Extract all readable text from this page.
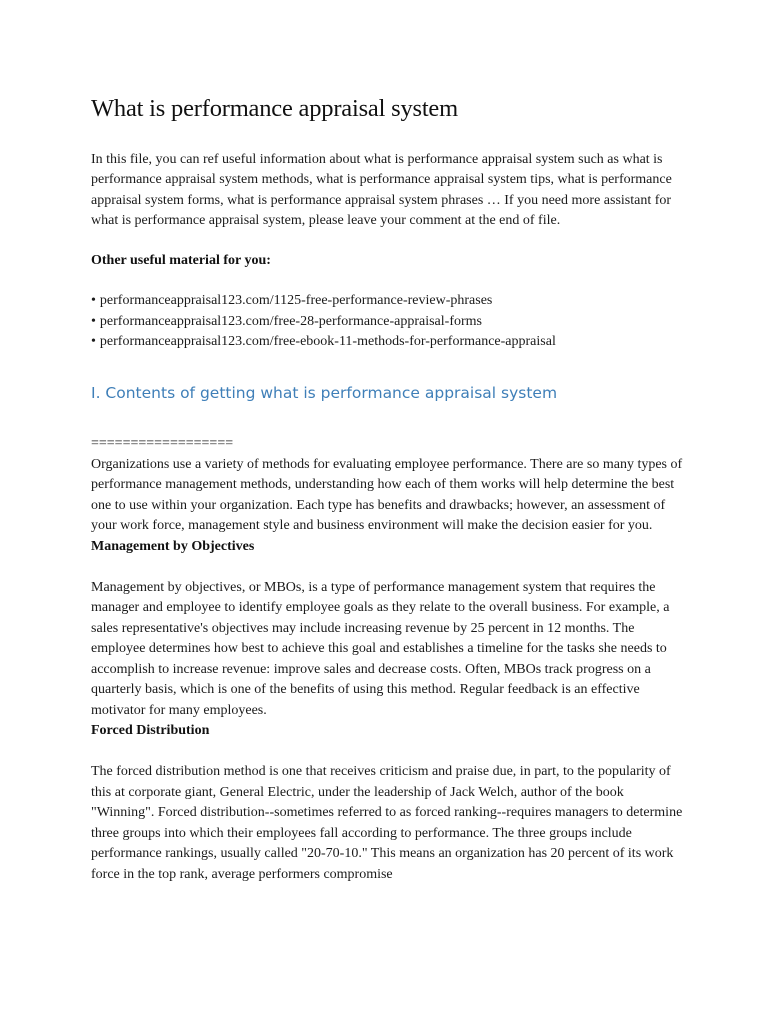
What is performance appraisal system

In this file, you can ref useful information about what is performance appraisal system such as what is performance appraisal system methods, what is performance appraisal system tips, what is performance appraisal system forms, what is performance appraisal system phrases … If you need more assistant for what is performance appraisal system, please leave your comment at the end of file.

Other useful material for you:

• performanceappraisal123.com/1125-free-performance-review-phrases
• performanceappraisal123.com/free-28-performance-appraisal-forms
• performanceappraisal123.com/free-ebook-11-methods-for-performance-appraisal
I. Contents of getting what is performance appraisal system

==================

Organizations use a variety of methods for evaluating employee performance. There are so many types of performance management methods, understanding how each of them works will help determine the best one to use within your organization. Each type has benefits and drawbacks; however, an assessment of your work force, management style and business environment will make the decision easier for you.

Management by Objectives

Management by objectives, or MBOs, is a type of performance management system that requires the manager and employee to identify employee goals as they relate to the overall business. For example, a sales representative's objectives may include increasing revenue by 25 percent in 12 months. The employee determines how best to achieve this goal and establishes a timeline for the tasks she needs to accomplish to increase revenue: improve sales and decrease costs. Often, MBOs track progress on a quarterly basis, which is one of the benefits of using this method. Regular feedback is an effective motivator for many employees.

Forced Distribution

The forced distribution method is one that receives criticism and praise due, in part, to the popularity of this at corporate giant, General Electric, under the leadership of Jack Welch, author of the book "Winning". Forced distribution--sometimes referred to as forced ranking--requires managers to determine three groups into which their employees fall according to performance. The three groups include performance rankings, usually called "20-70-10." This means an organization has 20 percent of its work force in the top rank, average performers compromise
